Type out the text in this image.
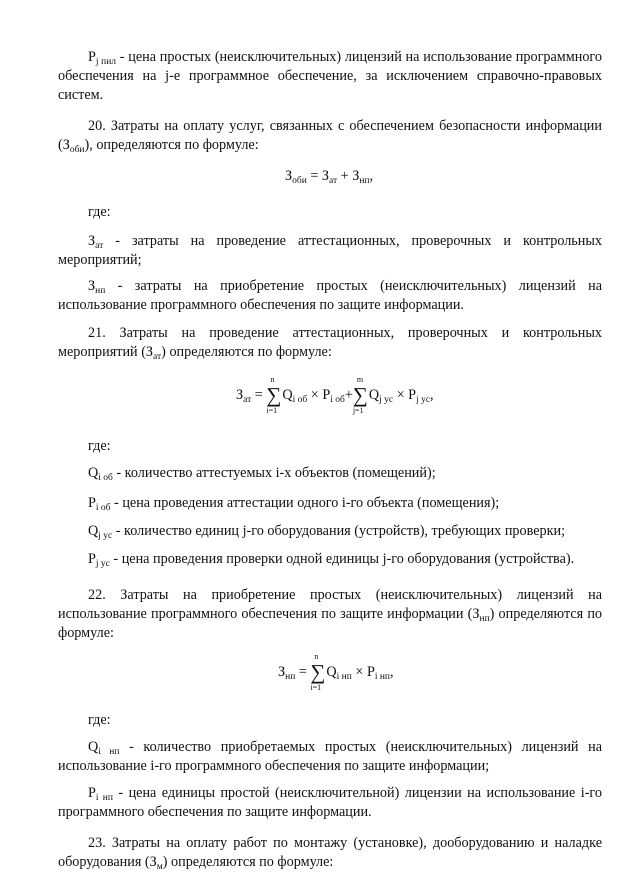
$P_{j пил}$ - цена простых (неисключительных) лицензий на использование программного обеспечения на j-е программное обеспечение, за исключением справочно-правовых систем.

20. Затраты на оплату услуг, связанных с обеспечением безопасности информации $(З_{оби})$, определяются по формуле:

$З_{оби} = З_{ат} + З_{нп}$,

где:

$З_{ат}$ - затраты на проведение аттестационных, проверочных и контрольных мероприятий;

$З_{нп}$ - затраты на приобретение простых (неисключительных) лицензий на использование программного обеспечения по защите информации.

21. Затраты на проведение аттестационных, проверочных и контрольных мероприятий $(З_{ат})$ определяются по формуле:

$З_{ат}$ =
n
∑
i=1
$Q_{i об} \times P_{i об}+$
m
∑
j=1
$Q_{j ус} \times P_{j ус}$,

где:

$Q_{i об}$ - количество аттестуемых i-х объектов (помещений);

$P_{i об}$ - цена проведения аттестации одного i-го объекта (помещения);

$Q_{j ус}$ - количество единиц j-го оборудования (устройств), требующих проверки;

$P_{j ус}$ - цена проведения проверки одной единицы j-го оборудования (устройства).

22. Затраты на приобретение простых (неисключительных) лицензий на использование программного обеспечения по защите информации $(З_{нп})$ определяются по формуле:

$З_{нп}$ =
n
∑
i=1
$Q_{i нп} \times P_{i нп}$,

где:

$Q_{i нп}$ - количество приобретаемых простых (неисключительных) лицензий на использование i-го программного обеспечения по защите информации;

$P_{i нп}$ - цена единицы простой (неисключительной) лицензии на использование i-го программного обеспечения по защите информации.

23. Затраты на оплату работ по монтажу (установке), дооборудованию и наладке оборудования $(З_м)$ определяются по формуле:
